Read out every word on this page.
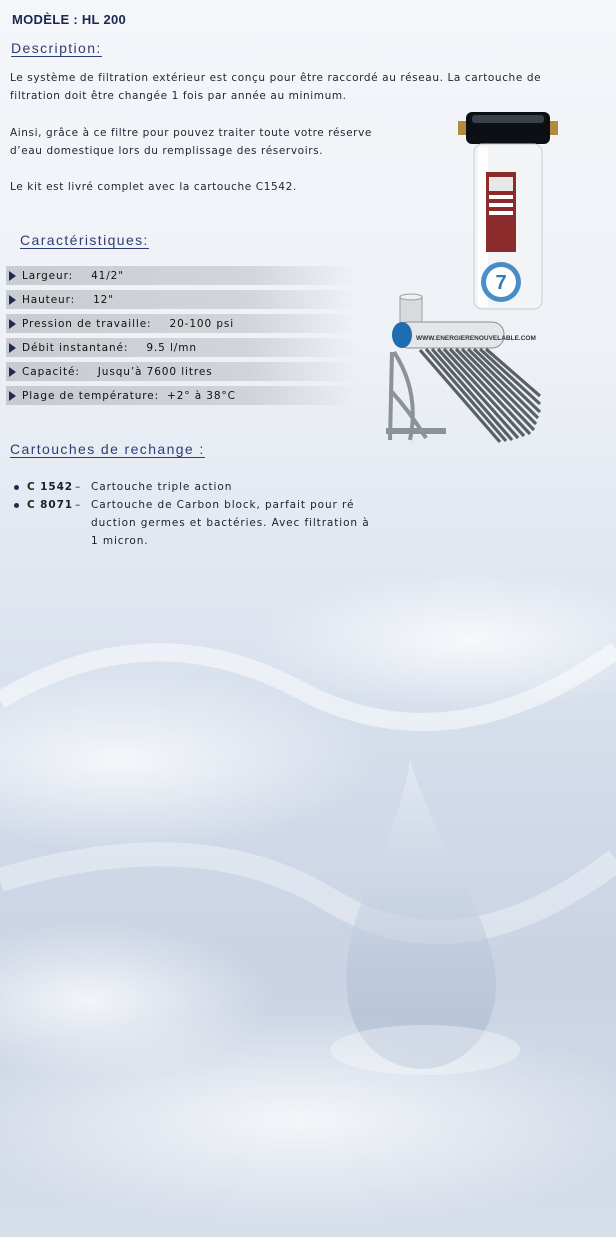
MODÈLE : HL 200
Description:
Le système de filtration extérieur est conçu pour être raccordé au réseau. La cartouche de
filtration doit être changée 1 fois par année au minimum.
Ainsi, grâce à ce filtre pour pouvez traiter toute votre réserve
d’eau domestique lors du remplissage des réservoirs.
Le kit est livré complet avec la cartouche C1542.
7
Caractéristiques:
Largeur: 41/2"
Hauteur: 12"
Pression de travaille: 20-100 psi
Débit instantané: 9.5 l/mn
Capacité: Jusqu’à 7600 litres
Plage de température: +2° à 38°C
WWW.ENERGIERENOUVELABLE.COM
Cartouches de rechange :
C 1542 – Cartouche triple action
C 8071 – Cartouche de Carbon block, parfait pour ré duction germes et bactéries. Avec filtration à 1 micron.
